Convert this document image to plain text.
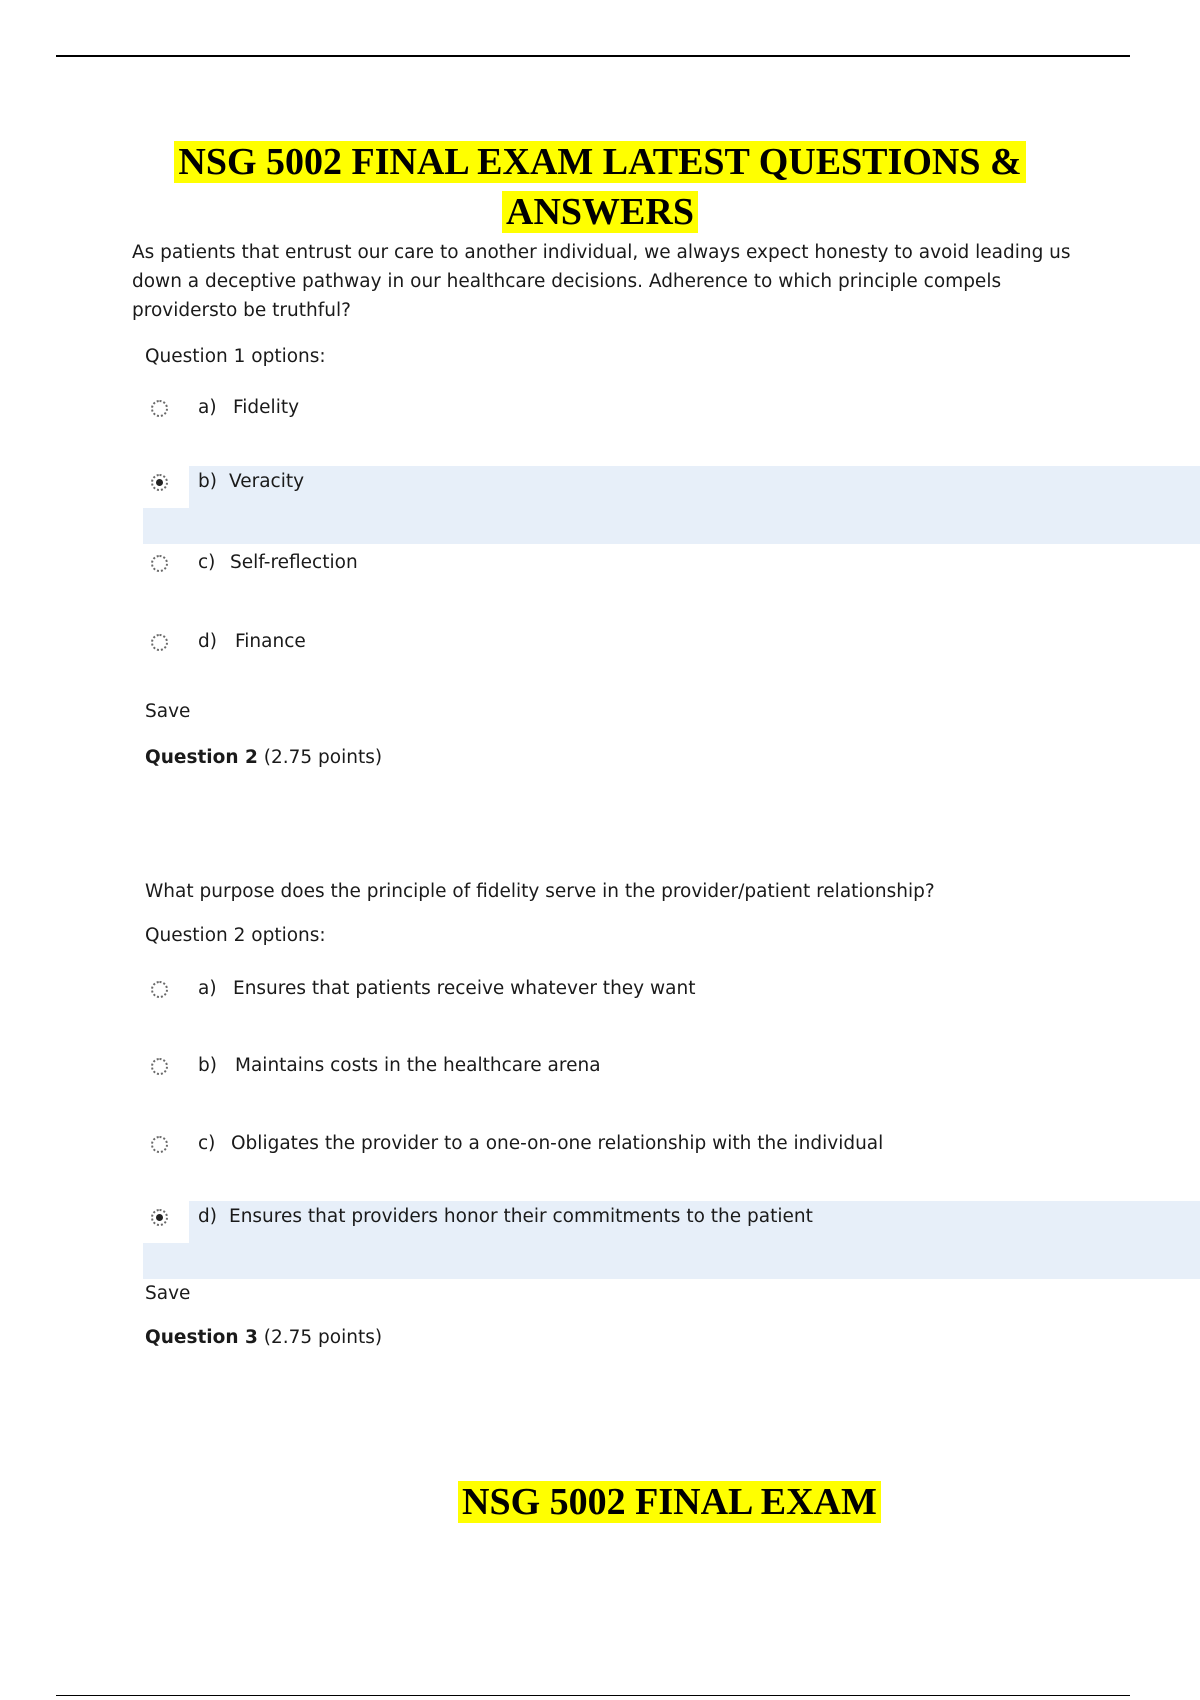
NSG 5002 FINAL EXAM LATEST QUESTIONS &
ANSWERS
As patients that entrust our care to another individual, we always expect honesty to avoid leading us down a deceptive pathway in our healthcare decisions. Adherence to which principle compels providersto be truthful?
Question 1 options:
a) Fidelity
b) Veracity
c) Self-reflection
d) Finance
Save
Question 2 (2.75 points)
What purpose does the principle of fidelity serve in the provider/patient relationship?
Question 2 options:
a) Ensures that patients receive whatever they want
b) Maintains costs in the healthcare arena
c) Obligates the provider to a one-on-one relationship with the individual
d) Ensures that providers honor their commitments to the patient
Save
Question 3 (2.75 points)
NSG 5002 FINAL EXAM
